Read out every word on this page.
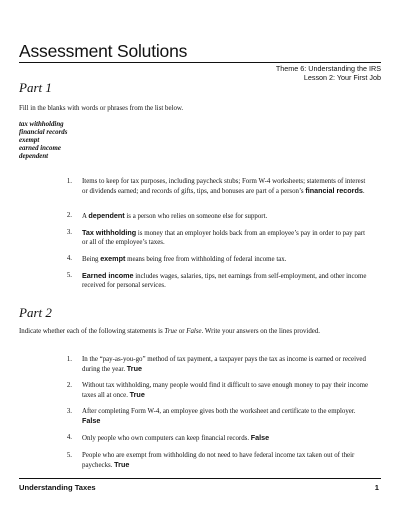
Assessment Solutions
Theme 6: Understanding the IRS
Lesson 2: Your First Job
Part 1
Fill in the blanks with words or phrases from the list below.
tax withholding
financial records
exempt
earned income
dependent
1. Items to keep for tax purposes, including paycheck stubs; Form W-4 worksheets; statements of interest or dividends earned; and records of gifts, tips, and bonuses are part of a person’s financial records.
2. A dependent is a person who relies on someone else for support.
3. Tax withholding is money that an employer holds back from an employee’s pay in order to pay part or all of the employee’s taxes.
4. Being exempt means being free from withholding of federal income tax.
5. Earned income includes wages, salaries, tips, net earnings from self-employment, and other income received for personal services.
Part 2
Indicate whether each of the following statements is True or False. Write your answers on the lines provided.
1. In the “pay-as-you-go” method of tax payment, a taxpayer pays the tax as income is earned or received during the year. True
2. Without tax withholding, many people would find it difficult to save enough money to pay their income taxes all at once. True
3. After completing Form W-4, an employee gives both the worksheet and certificate to the employer. False
4. Only people who own computers can keep financial records. False
5. People who are exempt from withholding do not need to have federal income tax taken out of their paychecks. True
Understanding Taxes	1
